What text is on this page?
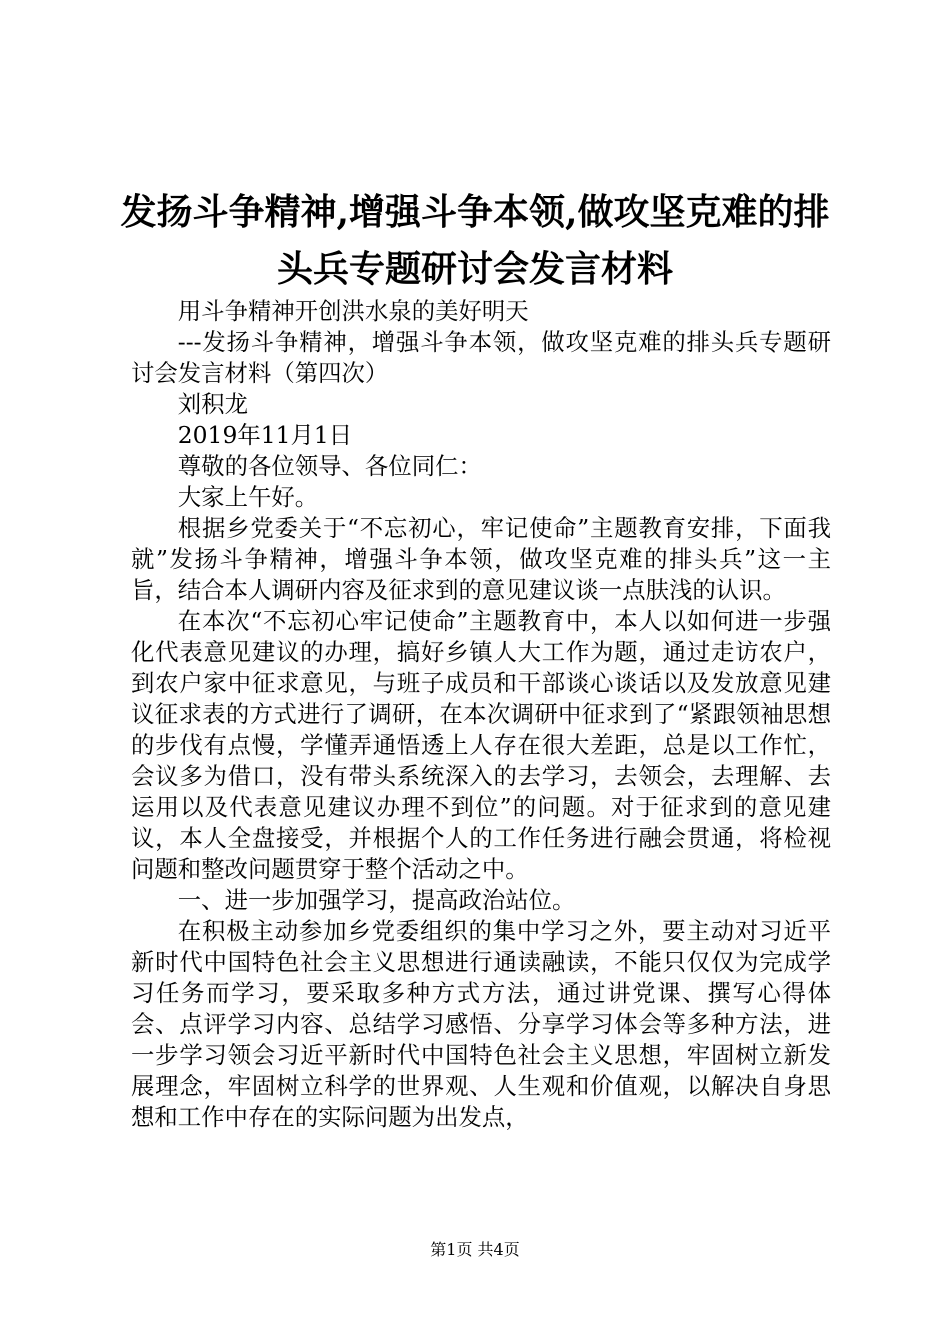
发扬斗争精神,增强斗争本领,做攻坚克难的排
头兵专题研讨会发言材料

用斗争精神开创洪水泉的美好明天

---发扬斗争精神，增强斗争本领，做攻坚克难的排头兵专题研讨会发言材料（第四次）

刘积龙

2019年11月1日

尊敬的各位领导、各位同仁：

大家上午好。

根据乡党委关于“不忘初心，牢记使命”主题教育安排，下面我就”发扬斗争精神，增强斗争本领，做攻坚克难的排头兵”这一主旨，结合本人调研内容及征求到的意见建议谈一点肤浅的认识。

在本次“不忘初心牢记使命”主题教育中，本人以如何进一步强化代表意见建议的办理，搞好乡镇人大工作为题，通过走访农户，到农户家中征求意见，与班子成员和干部谈心谈话以及发放意见建议征求表的方式进行了调研，在本次调研中征求到了“紧跟领袖思想的步伐有点慢，学懂弄通悟透上人存在很大差距，总是以工作忙，会议多为借口，没有带头系统深入的去学习，去领会，去理解、去运用以及代表意见建议办理不到位”的问题。对于征求到的意见建议，本人全盘接受，并根据个人的工作任务进行融会贯通，将检视问题和整改问题贯穿于整个活动之中。

一、进一步加强学习，提高政治站位。

在积极主动参加乡党委组织的集中学习之外，要主动对习近平新时代中国特色社会主义思想进行通读融读，不能只仅仅为完成学习任务而学习，要采取多种方式方法，通过讲党课、撰写心得体会、点评学习内容、总结学习感悟、分享学习体会等多种方法，进一步学习领会习近平新时代中国特色社会主义思想，牢固树立新发展理念，牢固树立科学的世界观、人生观和价值观，以解决自身思想和工作中存在的实际问题为出发点，

第1页 共4页
